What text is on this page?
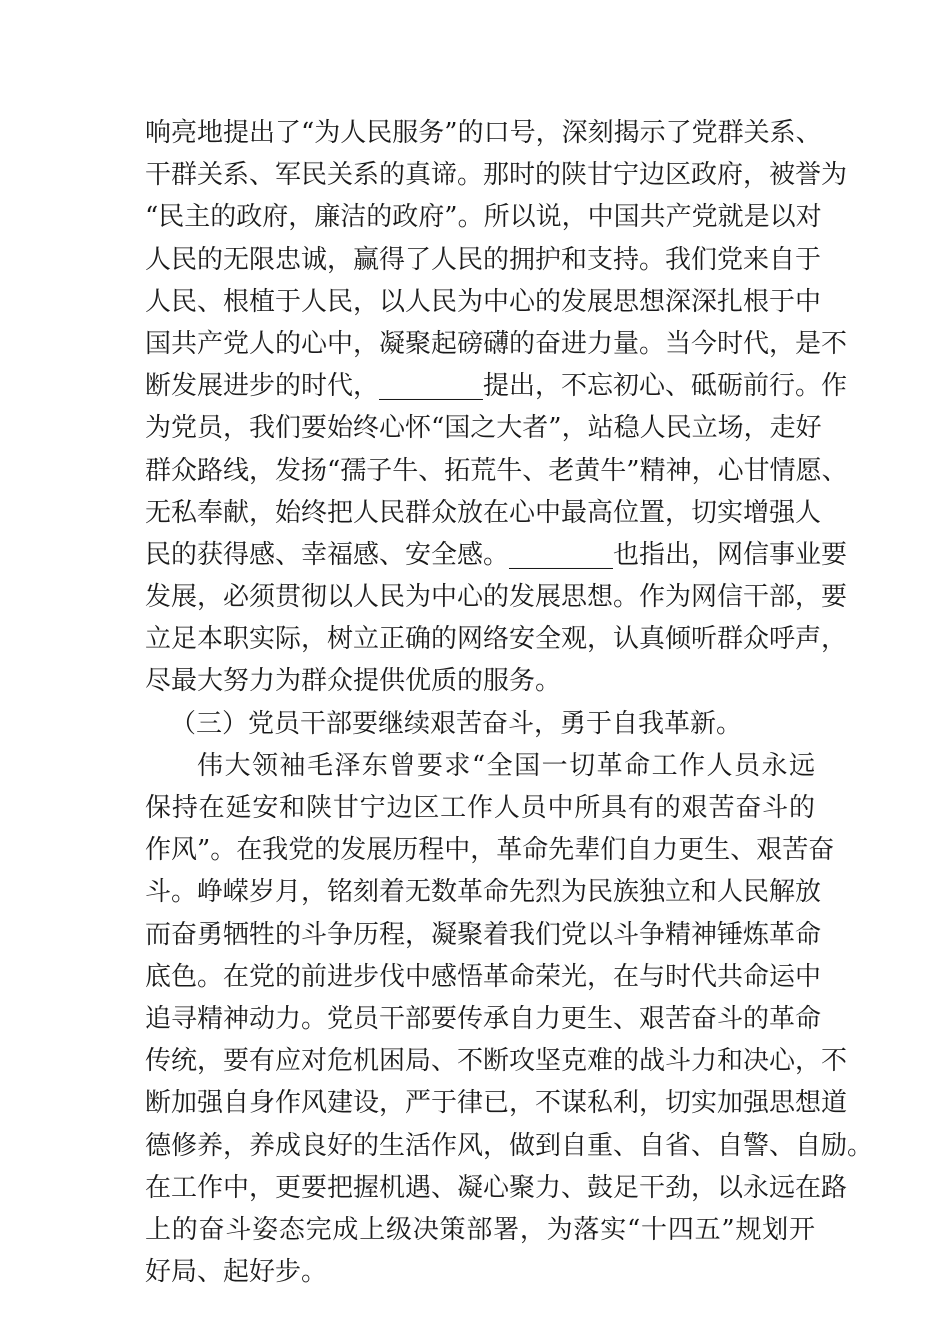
响亮地提出了“为人民服务”的口号，深刻揭示了党群关系、
干群关系、军民关系的真谛。那时的陕甘宁边区政府，被誉为
“民主的政府，廉洁的政府”。所以说，中国共产党就是以对
人民的无限忠诚，赢得了人民的拥护和支持。我们党来自于
人民、根植于人民，以人民为中心的发展思想深深扎根于中
国共产党人的心中，凝聚起磅礴的奋进力量。当今时代，是不
断发展进步的时代，________提出，不忘初心、砥砺前行。作
为党员，我们要始终心怀“国之大者”，站稳人民立场，走好
群众路线，发扬“孺子牛、拓荒牛、老黄牛”精神，心甘情愿、
无私奉献，始终把人民群众放在心中最高位置，切实增强人
民的获得感、幸福感、安全感。________也指出，网信事业要
发展，必须贯彻以人民为中心的发展思想。作为网信干部，要
立足本职实际，树立正确的网络安全观，认真倾听群众呼声，
尽最大努力为群众提供优质的服务。
（三）党员干部要继续艰苦奋斗，勇于自我革新。
伟大领袖毛泽东曾要求“全国一切革命工作人员永远
保持在延安和陕甘宁边区工作人员中所具有的艰苦奋斗的
作风”。在我党的发展历程中，革命先辈们自力更生、艰苦奋
斗。峥嵘岁月，铭刻着无数革命先烈为民族独立和人民解放
而奋勇牺牲的斗争历程，凝聚着我们党以斗争精神锤炼革命
底色。在党的前进步伐中感悟革命荣光，在与时代共命运中
追寻精神动力。党员干部要传承自力更生、艰苦奋斗的革命
传统，要有应对危机困局、不断攻坚克难的战斗力和决心，不
断加强自身作风建设，严于律已，不谋私利，切实加强思想道
德修养，养成良好的生活作风，做到自重、自省、自警、自励。
在工作中，更要把握机遇、凝心聚力、鼓足干劲，以永远在路
上的奋斗姿态完成上级决策部署，为落实“十四五”规划开
好局、起好步。
